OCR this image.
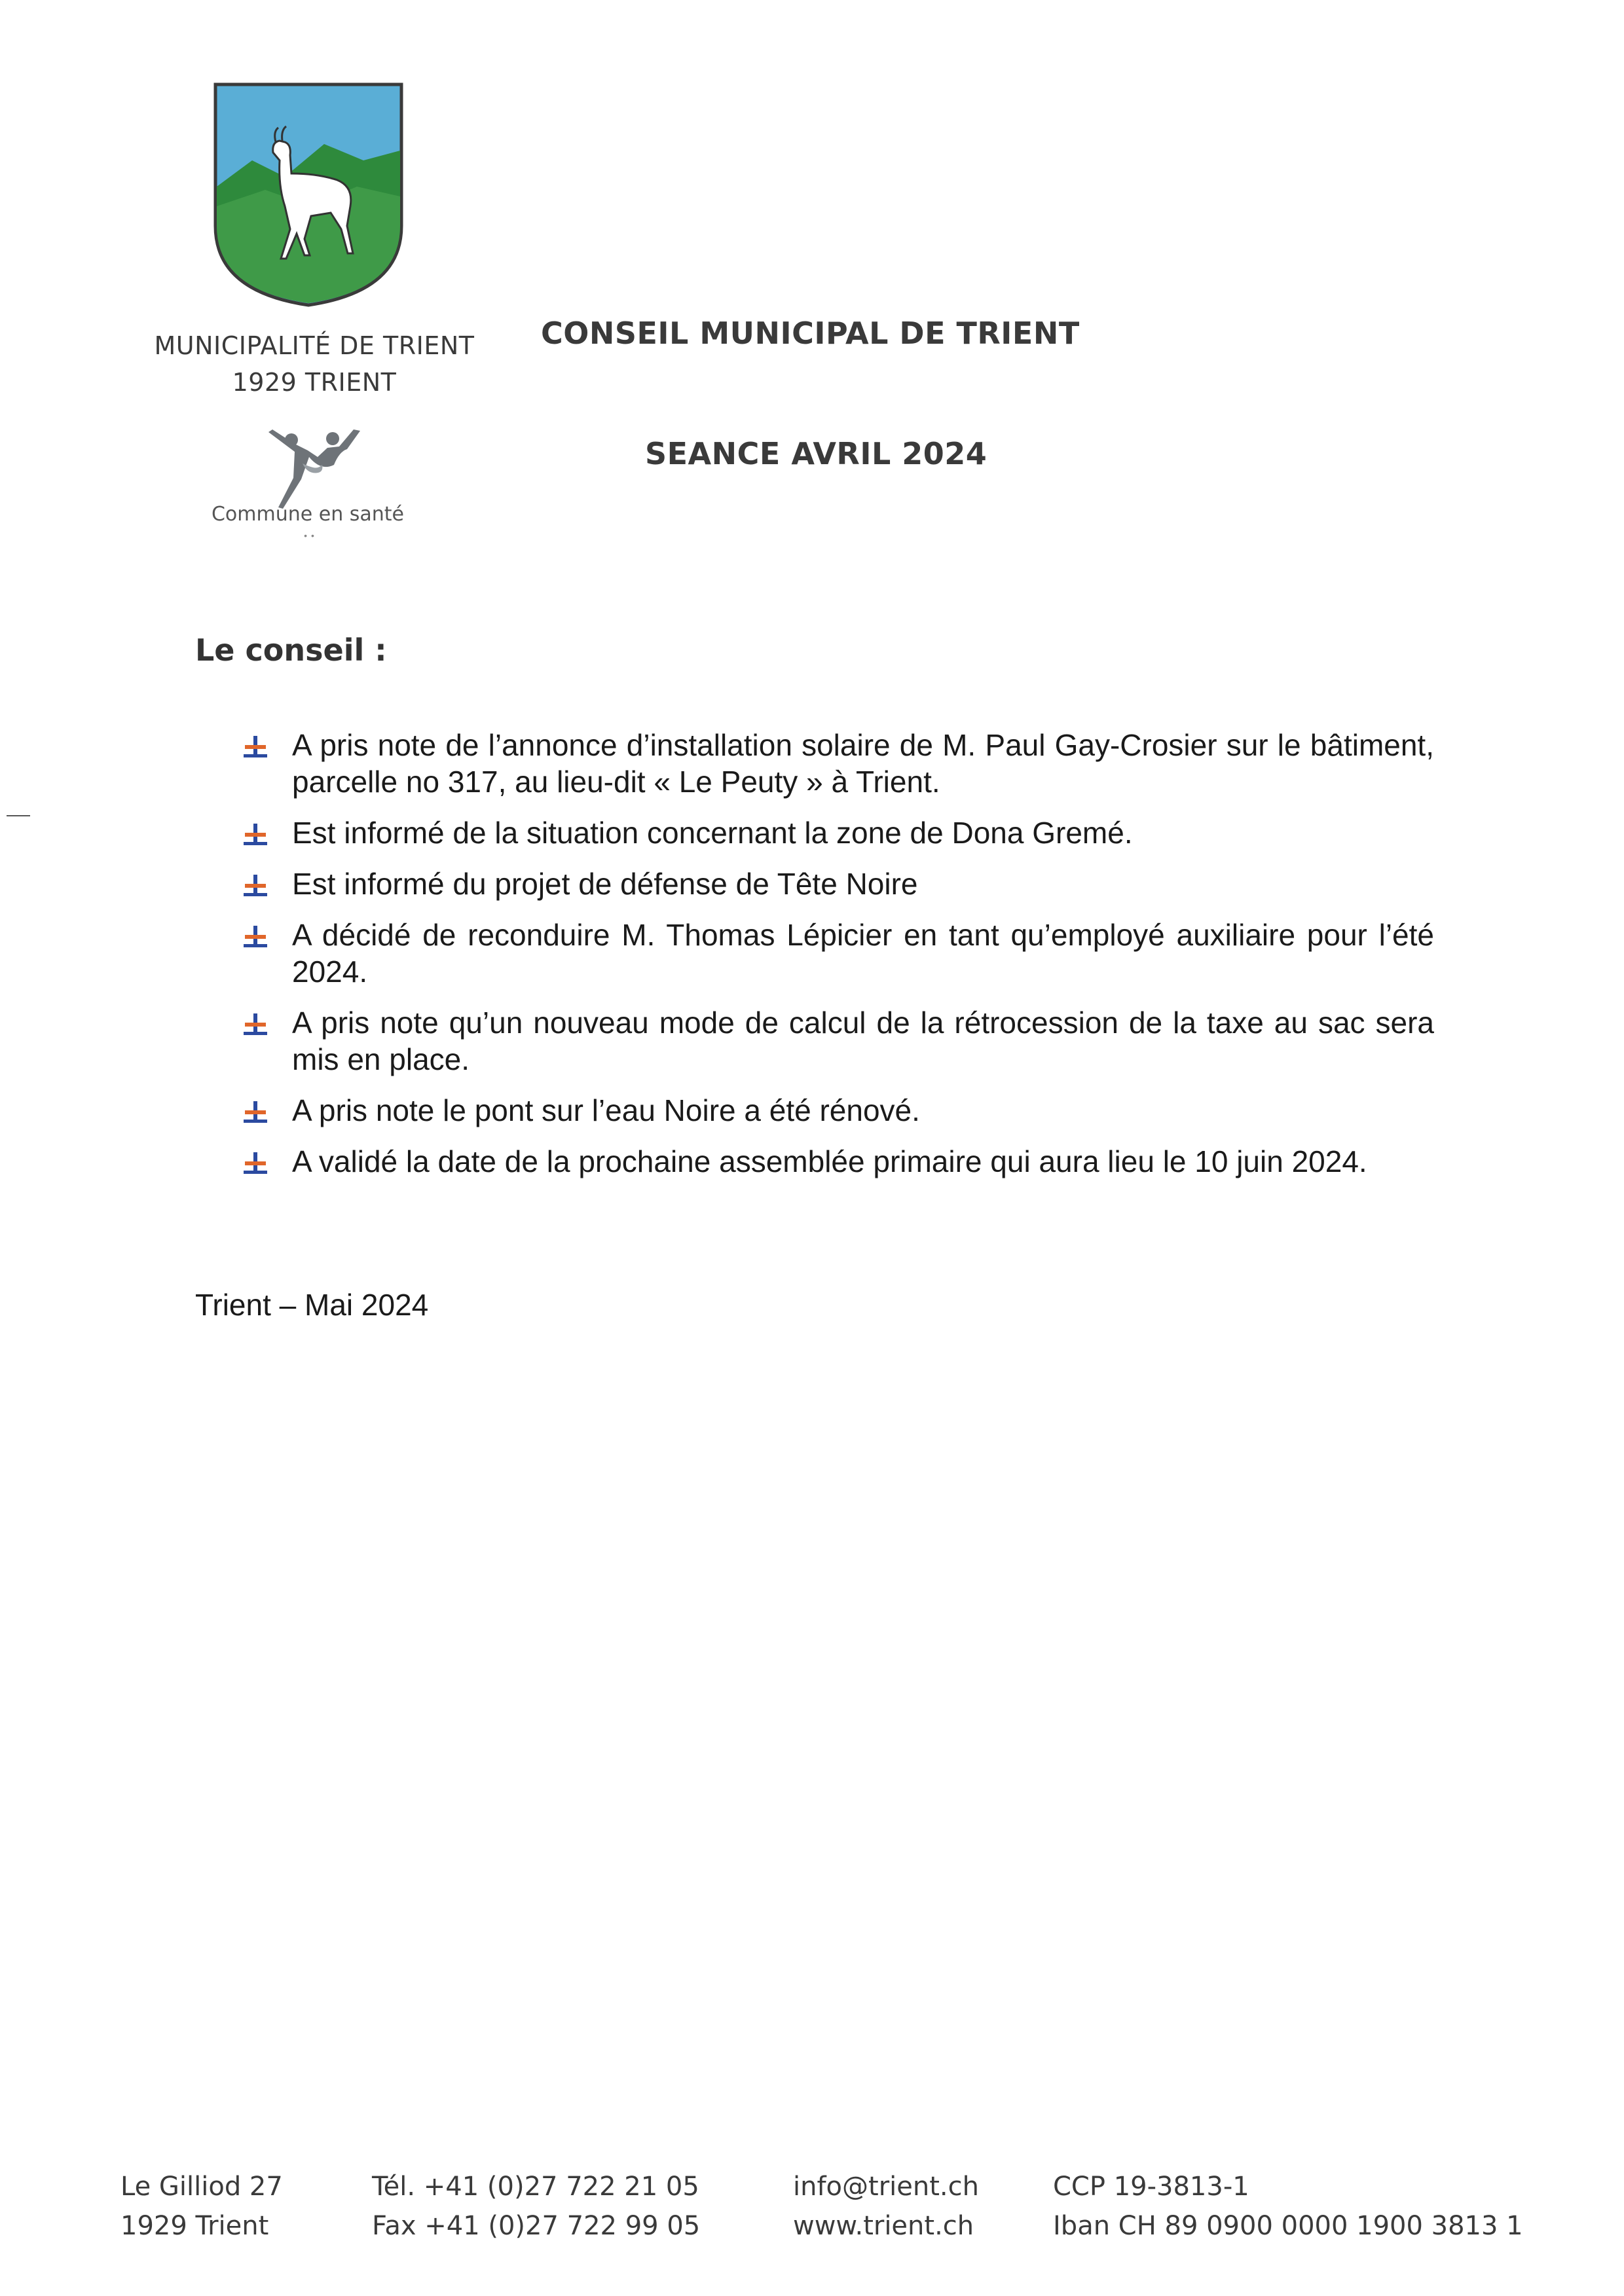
MUNICIPALITÉ DE TRIENT
1929 TRIENT
Commune en santé
••
CONSEIL MUNICIPAL DE TRIENT
SEANCE AVRIL 2024
Le conseil :
A pris note de l’annonce d’installation solaire de M. Paul Gay-Crosier sur le bâtiment, parcelle no 317, au lieu-dit « Le Peuty » à Trient.
Est informé de la situation concernant la zone de Dona Gremé.
Est informé du projet de défense de Tête Noire
A décidé de reconduire M. Thomas Lépicier en tant qu’employé auxiliaire pour l’été 2024.
A pris note qu’un nouveau mode de calcul de la rétrocession de la taxe au sac sera mis en place.
A pris note le pont sur l’eau Noire a été rénové.
A validé la date de la prochaine assemblée primaire qui aura lieu le 10 juin 2024.
Trient – Mai 2024
Le Gilliod 27
1929 Trient
Tél. +41 (0)27 722 21 05
Fax +41 (0)27 722 99 05
info@trient.ch
www.trient.ch
CCP 19-3813-1
Iban CH 89 0900 0000 1900 3813 1
